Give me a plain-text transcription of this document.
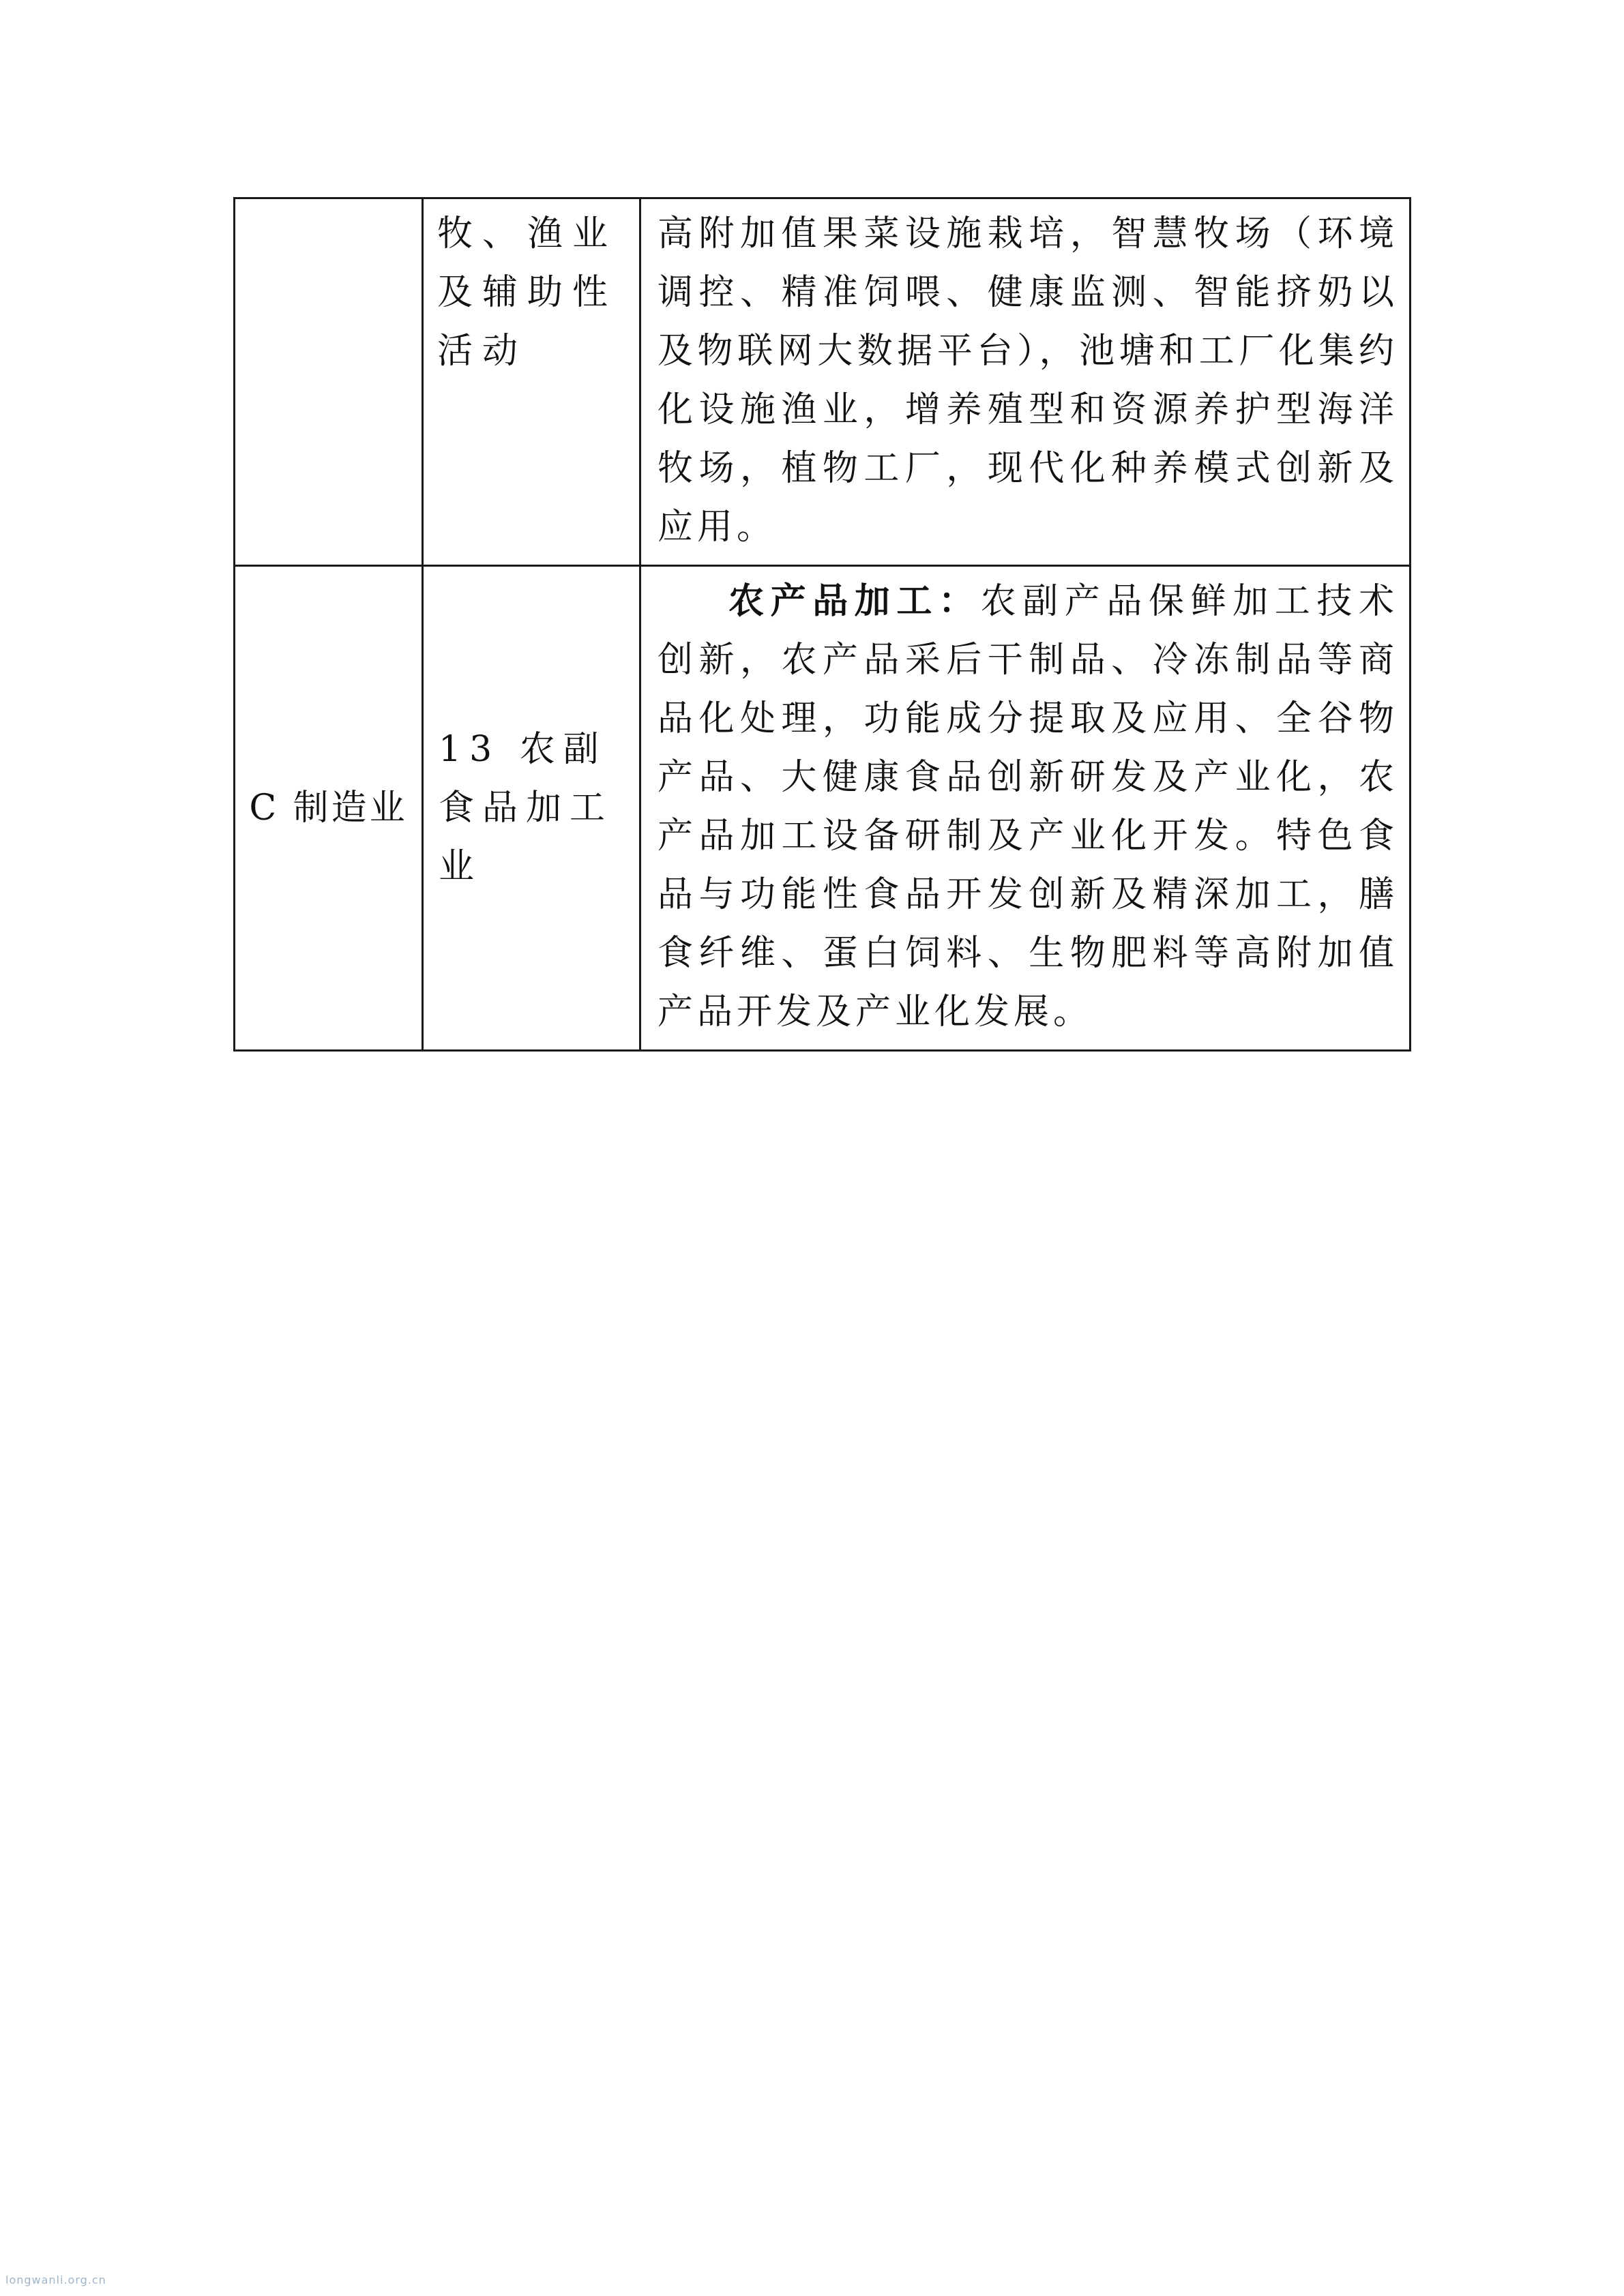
	牧、渔业及辅助性活动	高附加值果菜设施栽培，智慧牧场（环境调控、精准饲喂、健康监测、智能挤奶以及物联网大数据平台），池塘和工厂化集约化设施渔业，增养殖型和资源养护型海洋牧场，植物工厂，现代化种养模式创新及应用。

C 制造业	13 农副食品加工业	农产品加工：农副产品保鲜加工技术创新，农产品采后干制品、冷冻制品等商品化处理，功能成分提取及应用、全谷物产品、大健康食品创新研发及产业化，农产品加工设备研制及产业化开发。特色食品与功能性食品开发创新及精深加工，膳食纤维、蛋白饲料、生物肥料等高附加值产品开发及产业化发展。
longwanli.org.cn
